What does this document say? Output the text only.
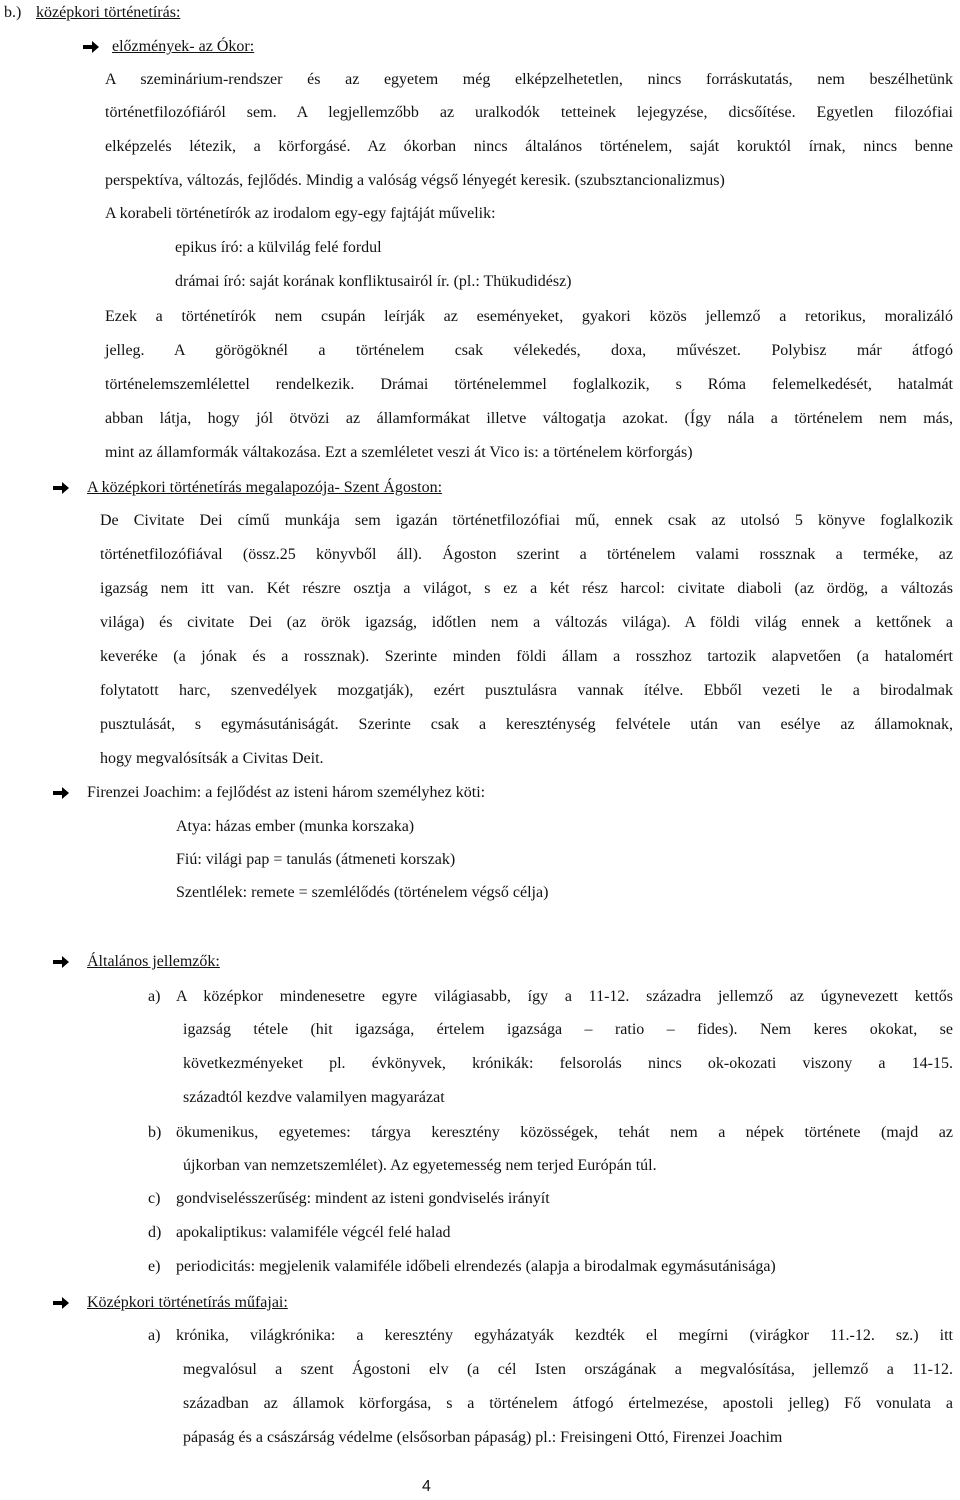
b.) középkori történetírás:
előzmények- az Ókor:
A szeminárium-rendszer és az egyetem még elképzelhetetlen, nincs forráskutatás, nem beszélhetünk
történetfilozófiáról sem. A legjellemzőbb az uralkodók tetteinek lejegyzése, dicsőítése. Egyetlen filozófiai
elképzelés létezik, a körforgásé. Az ókorban nincs általános történelem, saját koruktól írnak, nincs benne
perspektíva, változás, fejlődés. Mindig a valóság végső lényegét keresik. (szubsztancionalizmus)
A korabeli történetírók az irodalom egy-egy fajtáját művelik:
epikus író: a külvilág felé fordul
drámai író: saját korának konfliktusairól ír. (pl.: Thükudidész)
Ezek a történetírók nem csupán leírják az eseményeket, gyakori közös jellemző a retorikus, moralizáló
jelleg. A görögöknél a történelem csak vélekedés, doxa, művészet. Polybisz már átfogó
történelemszemlélettel rendelkezik. Drámai történelemmel foglalkozik, s Róma felemelkedését, hatalmát
abban látja, hogy jól ötvözi az államformákat illetve váltogatja azokat. (Így nála a történelem nem más,
mint az államformák váltakozása. Ezt a szemléletet veszi át Vico is: a történelem körforgás)
A középkori történetírás megalapozója- Szent Ágoston:
De Civitate Dei című munkája sem igazán történetfilozófiai mű, ennek csak az utolsó 5 könyve foglalkozik
történetfilozófiával (össz.25 könyvből áll). Ágoston szerint a történelem valami rossznak a terméke, az
igazság nem itt van. Két részre osztja a világot, s ez a két rész harcol: civitate diaboli (az ördög, a változás
világa) és civitate Dei (az örök igazság, időtlen nem a változás világa). A földi világ ennek a kettőnek a
keveréke (a jónak és a rossznak). Szerinte minden földi állam a rosszhoz tartozik alapvetően (a hatalomért
folytatott harc, szenvedélyek mozgatják), ezért pusztulásra vannak ítélve. Ebből vezeti le a birodalmak
pusztulását, s egymásutániságát. Szerinte csak a kereszténység felvétele után van esélye az államoknak,
hogy megvalósítsák a Civitas Deit.
Firenzei Joachim: a fejlődést az isteni három személyhez köti:
Atya: házas ember (munka korszaka)
Fiú: világi pap = tanulás (átmeneti korszak)
Szentlélek: remete = szemlélődés (történelem végső célja)
Általános jellemzők:
a) A középkor mindenesetre egyre világiasabb, így a 11-12. századra jellemző az úgynevezett kettős
igazság tétele (hit igazsága, értelem igazsága – ratio – fides). Nem keres okokat, se
következményeket pl. évkönyvek, krónikák: felsorolás nincs ok-okozati viszony a 14-15.
századtól kezdve valamilyen magyarázat
b) ökumenikus, egyetemes: tárgya keresztény közösségek, tehát nem a népek története (majd az
újkorban van nemzetszemlélet). Az egyetemesség nem terjed Európán túl.
c) gondviselésszerűség: mindent az isteni gondviselés irányít
d) apokaliptikus: valamiféle végcél felé halad
e) periodicitás: megjelenik valamiféle időbeli elrendezés (alapja a birodalmak egymásutánisága)
Középkori történetírás műfajai:
a) krónika, világkrónika: a keresztény egyházatyák kezdték el megírni (virágkor 11.-12. sz.) itt
megvalósul a szent Ágostoni elv (a cél Isten országának a megvalósítása, jellemző a 11-12.
században az államok körforgása, s a történelem átfogó értelmezése, apostoli jelleg) Fő vonulata a
pápaság és a császárság védelme (elsősorban pápaság) pl.: Freisingeni Ottó, Firenzei Joachim
4
